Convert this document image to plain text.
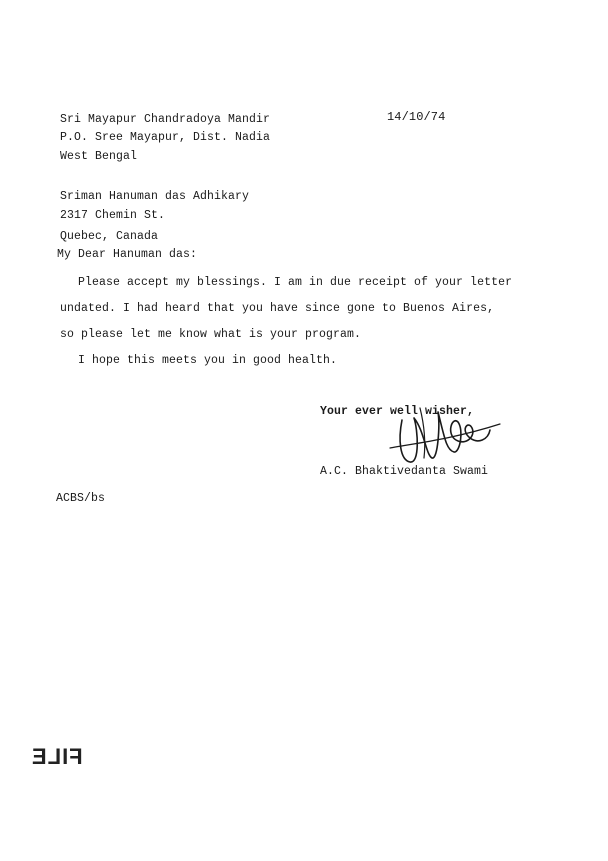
14/10/74
Sri Mayapur Chandradoya Mandir
P.O. Sree Mayapur, Dist. Nadia
West Bengal
Sriman Hanuman das Adhikary
2317 Chemin St.
Quebec, Canada
My Dear Hanuman das:
Please accept my blessings. I am in due receipt of your letter
undated. I had heard that you have since gone to Buenos Aires,
so please let me know what is your program.
I hope this meets you in good health.
Your ever well wisher,
A.C. Bhaktivedanta Swami
ACBS/bs
FILE
